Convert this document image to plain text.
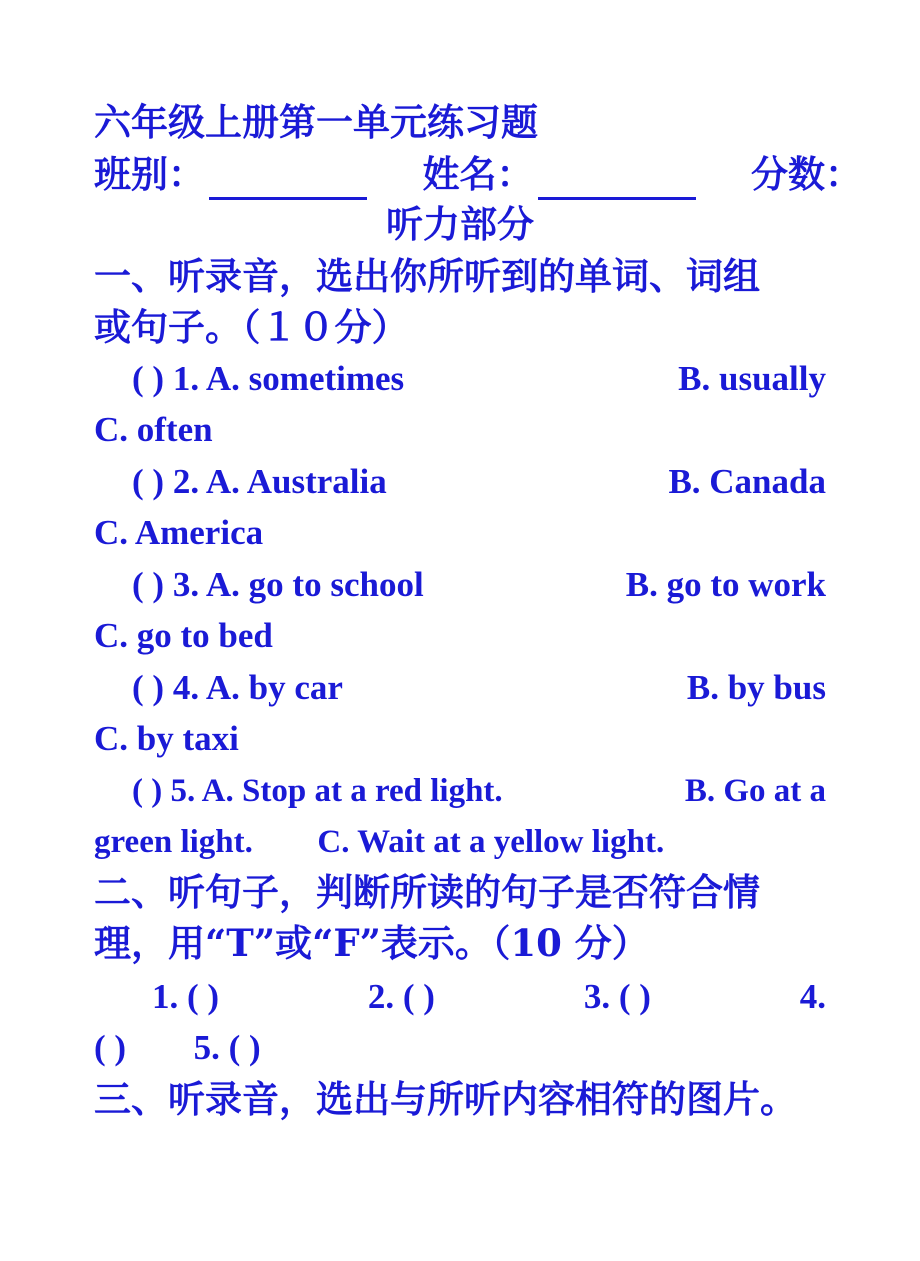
六年级上册第一单元练习题
班别：	姓名：	分数：
听力部分
一、听录音，选出你所听到的单词、词组
或句子。（１０分）
( ) 1. A. sometimes	B. usually
C. often
( ) 2. A. Australia	B. Canada
C. America
( ) 3. A. go to school	B. go to work
C. go to bed
( ) 4. A. by car	B. by bus
C. by taxi
( ) 5. A. Stop at a red light.	B. Go at a
green light. C. Wait at a yellow light.
二、听句子，判断所读的句子是否符合情
理，用“T”或“F”表示。（10 分）
1. ( )	2. ( )	3. ( )	4.
( ) 5. ( )
三、听录音，选出与所听内容相符的图片。
